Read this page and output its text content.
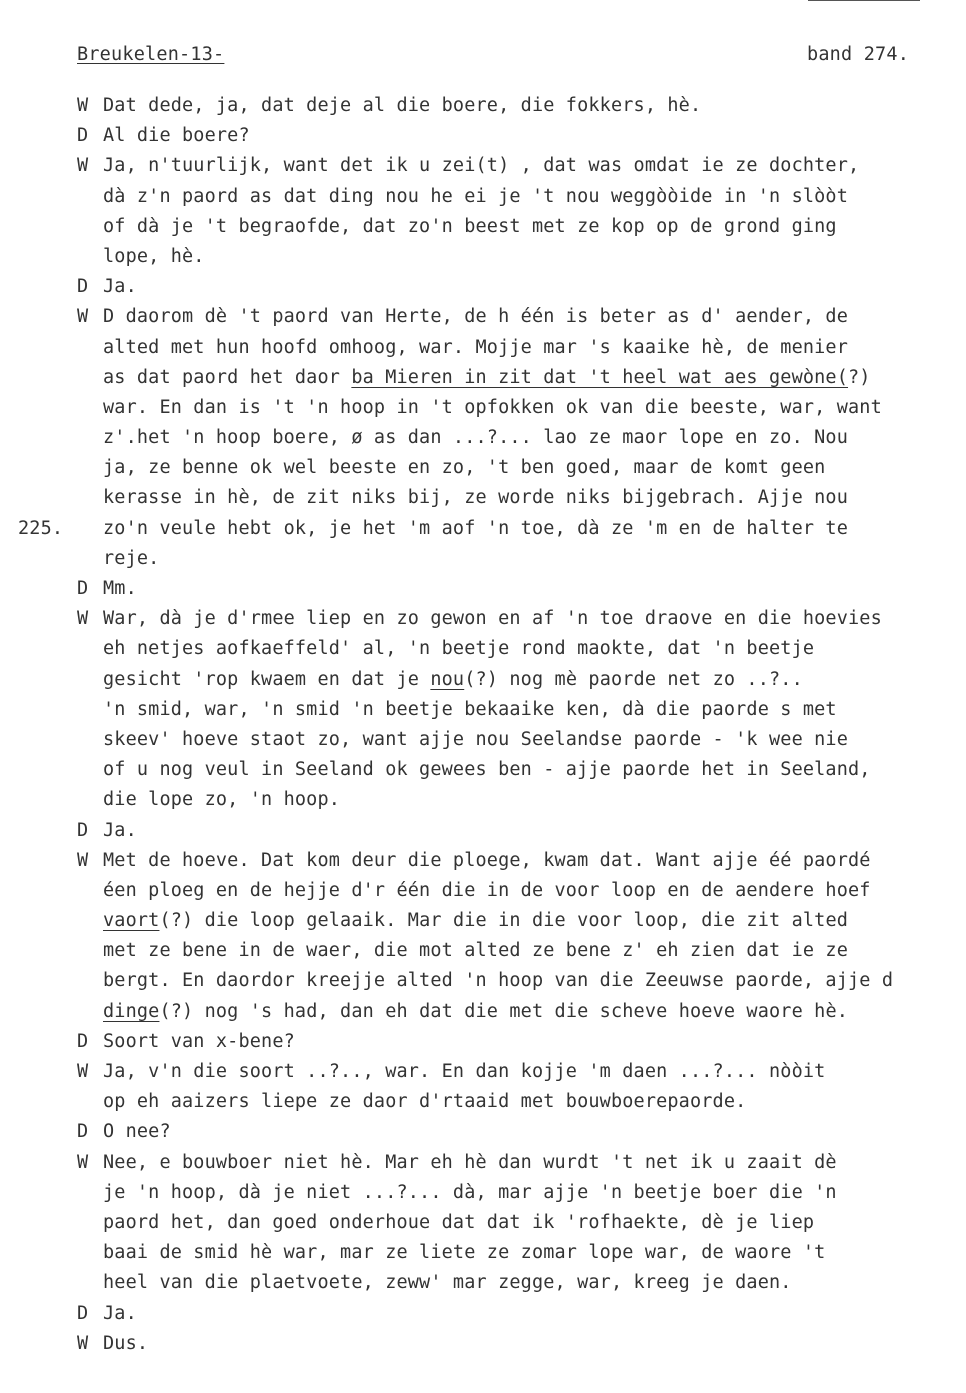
Breukelen-13-	band 274.
W Dat dede, ja, dat deje al die boere, die fokkers, hè.
D Al die boere?
W Ja, n'tuurlijk, want det ik u zei(t) , dat was omdat ie ze dochter,
dà z'n paord as dat ding nou he ei je 't nou weggòòide in 'n slòòt
of dà je 't begraofde, dat zo'n beest met ze kop op de grond ging
lope, hè.
D Ja.
W D daorom dè 't paord van Herte, de h één is beter as d' aender, de
alted met hun hoofd omhoog, war. Mojje mar 's kaaike hè, de menier
as dat paord het daor ba Mieren in zit dat 't heel wat aes gewòne(?)
war. En dan is 't 'n hoop in 't opfokken ok van die beeste, war, want
z'.het 'n hoop boere, ø as dan ...?... lao ze maor lope en zo. Nou
ja, ze benne ok wel beeste en zo, 't ben goed, maar de komt geen
kerasse in hè, de zit niks bij, ze worde niks bijgebrach. Ajje nou
225. zo'n veule hebt ok, je het 'm aof 'n toe, dà ze 'm en de halter te
reje.
D Mm.
W War, dà je d'rmee liep en zo gewon en af 'n toe draove en die hoevies
eh netjes aofkaeffeld' al, 'n beetje rond maokte, dat 'n beetje
gesicht 'rop kwaem en dat je nou(?) nog mè paorde net zo ..?..
'n smid, war, 'n smid 'n beetje bekaaike ken, dà die paorde s met
skeev' hoeve staot zo, want ajje nou Seelandse paorde - 'k wee nie
of u nog veul in Seeland ok gewees ben - ajje paorde het in Seeland,
die lope zo, 'n hoop.
D Ja.
W Met de hoeve. Dat kom deur die ploege, kwam dat. Want ajje éé paordé
éen ploeg en de hejje d'r één die in de voor loop en de aendere hoef
vaort(?) die loop gelaaik. Mar die in die voor loop, die zit alted
met ze bene in de waer, die mot alted ze bene z' eh zien dat ie ze
bergt. En daordor kreejje alted 'n hoop van die Zeeuwse paorde, ajje d
dinge(?) nog 's had, dan eh dat die met die scheve hoeve waore hè.
D Soort van x-bene?
W Ja, v'n die soort ..?.., war. En dan kojje 'm daen ...?... nòòit
op eh aaizers liepe ze daor d'rtaaid met bouwboerepaorde.
D O nee?
W Nee, e bouwboer niet hè. Mar eh hè dan wurdt 't net ik u zaait dè
je 'n hoop, dà je niet ...?... dà, mar ajje 'n beetje boer die 'n
paord het, dan goed onderhoue dat dat ik 'rofhaekte, dè je liep
baai de smid hè war, mar ze liete ze zomar lope war, de waore 't
heel van die plaetvoete, zeww' mar zegge, war, kreeg je daen.
D Ja.
W Dus.
